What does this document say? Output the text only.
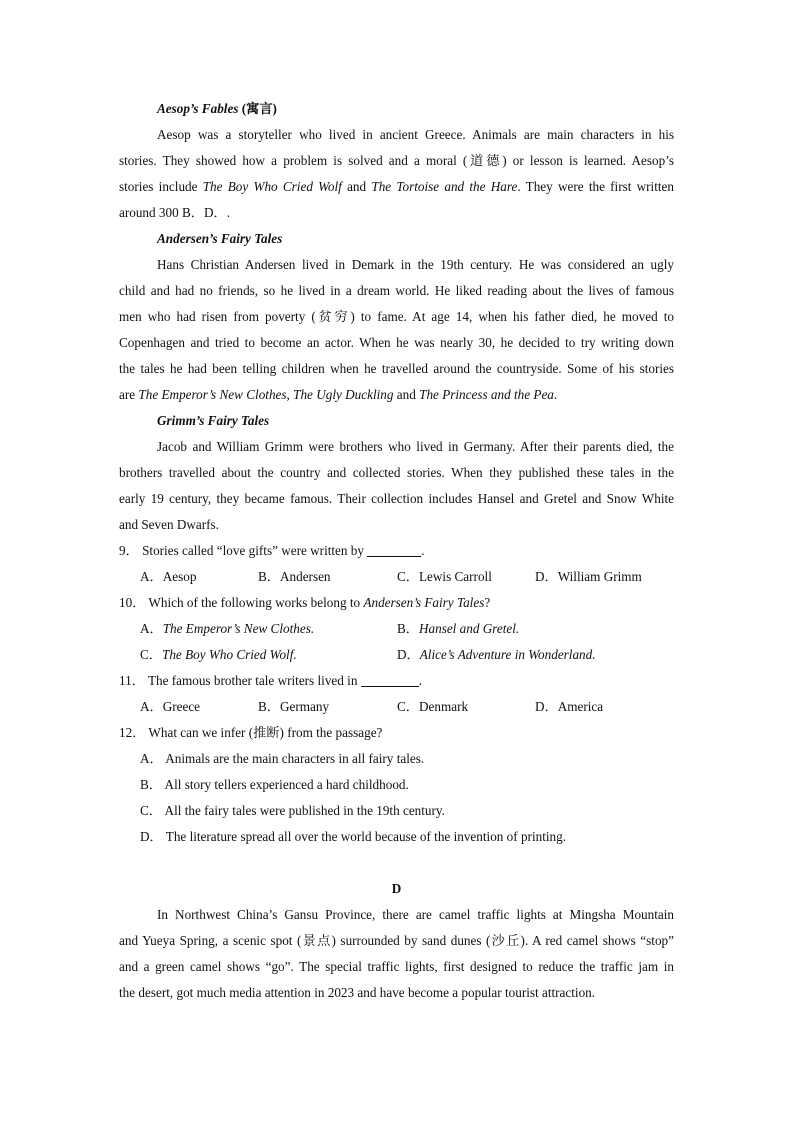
Aesop’s Fables (寓言)
Aesop was a storyteller who lived in ancient Greece. Animals are main characters in his
stories. They showed how a problem is solved and a moral (道德) or lesson is learned. Aesop’s
stories include The Boy Who Cried Wolf and The Tortoise and the Hare. They were the first written
around 300 B．D．.
Andersen’s Fairy Tales
Hans Christian Andersen lived in Demark in the 19th century. He was considered an ugly
child and had no friends, so he lived in a dream world. He liked reading about the lives of famous
men who had risen from poverty (贫穷) to fame. At age 14, when his father died, he moved to
Copenhagen and tried to become an actor. When he was nearly 30, he decided to try writing down
the tales he had been telling children when he travelled around the countryside. Some of his stories
are The Emperor’s New Clothes, The Ugly Duckling and The Princess and the Pea.
Grimm’s Fairy Tales
Jacob and William Grimm were brothers who lived in Germany. After their parents died, the
brothers travelled about the country and collected stories. When they published these tales in the
early 19 century, they became famous. Their collection includes Hansel and Gretel and Snow White
and Seven Dwarfs.
9． Stories called “love gifts” were written by	.
A．Aesop	B．Andersen	C．Lewis Carroll	D．William Grimm
10． Which of the following works belong to Andersen’s Fairy Tales?
A．The Emperor’s New Clothes.	B．Hansel and Gretel.
C．The Boy Who Cried Wolf.	D．Alice’s Adventure in Wonderland.
11． The famous brother tale writers lived in	.
A．Greece	B．Germany	C．Denmark	D．America
12． What can we infer (推断) from the passage?
A． Animals are the main characters in all fairy tales.
B． All story tellers experienced a hard childhood.
C． All the fairy tales were published in the 19th century.
D． The literature spread all over the world because of the invention of printing.
D
In Northwest China’s Gansu Province, there are camel traffic lights at Mingsha Mountain
and Yueya Spring, a scenic spot (景点) surrounded by sand dunes (沙丘). A red camel shows “stop”
and a green camel shows “go”. The special traffic lights, first designed to reduce the traffic jam in
the desert, got much media attention in 2023 and have become a popular tourist attraction.
